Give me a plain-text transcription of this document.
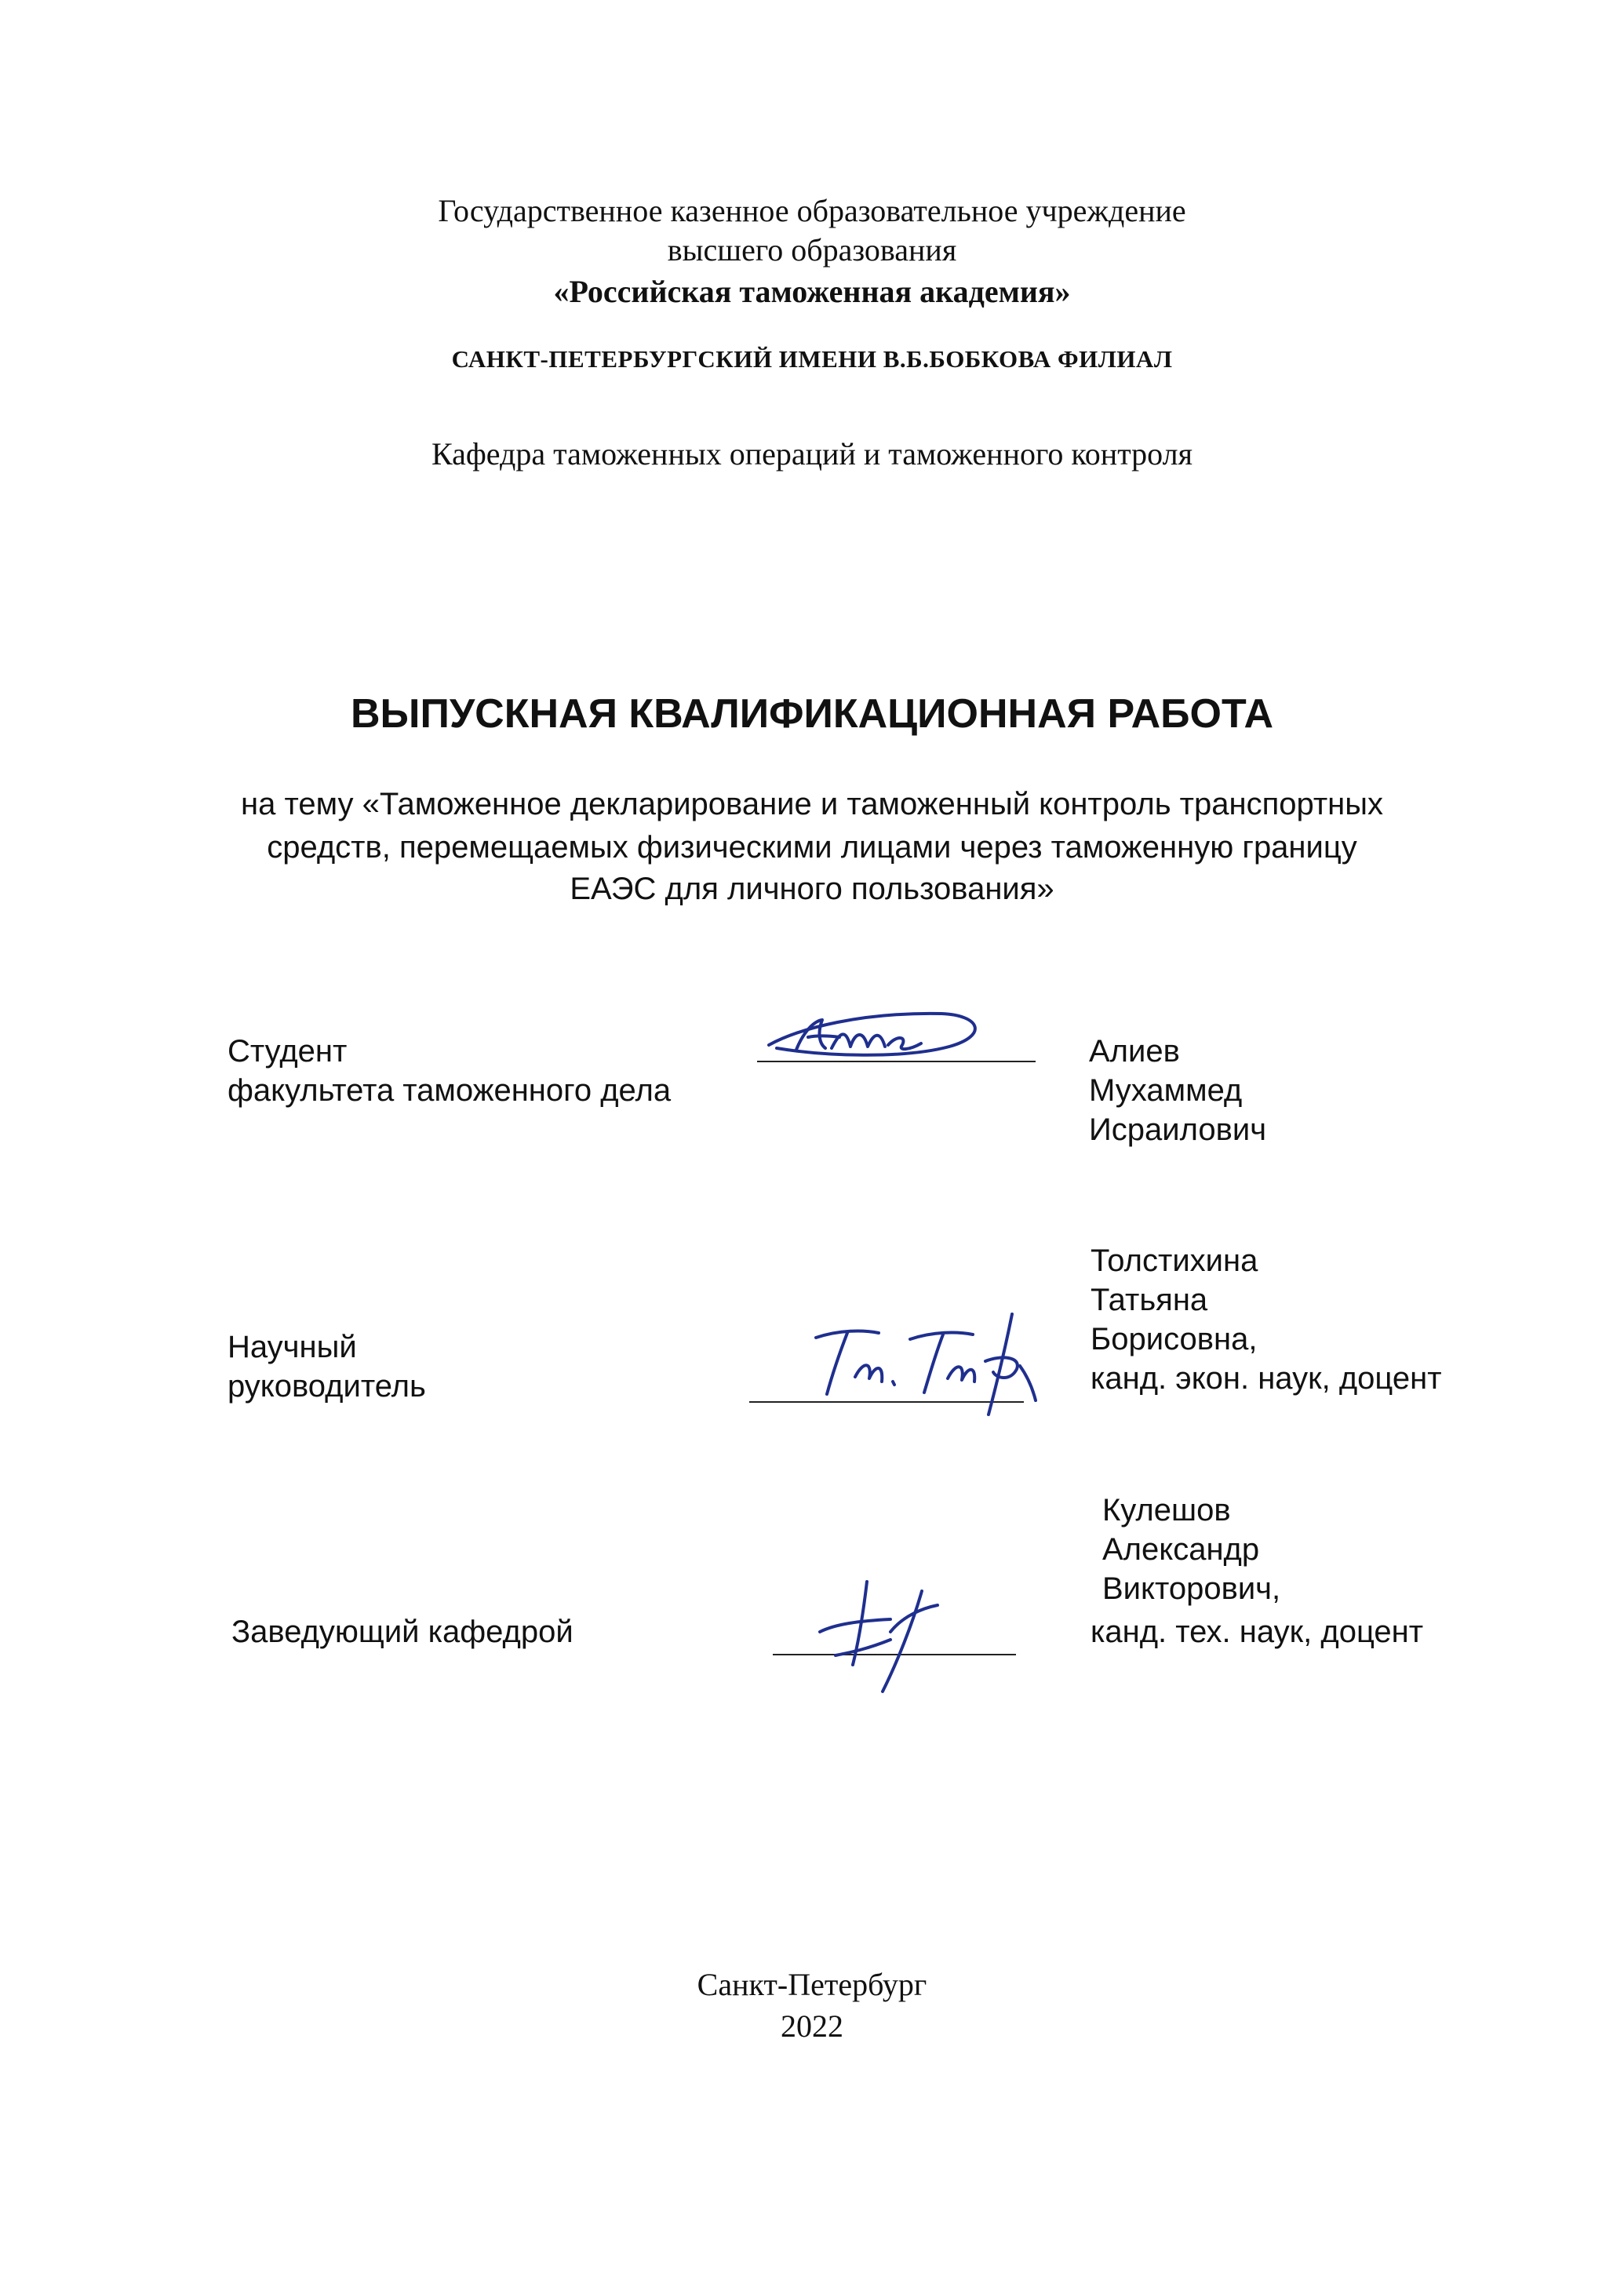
Государственное казенное образовательное учреждение
высшего образования
«Российская таможенная академия»
САНКТ-ПЕТЕРБУРГСКИЙ ИМЕНИ В.Б.БОБКОВА ФИЛИАЛ
Кафедра таможенных операций и таможенного контроля
ВЫПУСКНАЯ КВАЛИФИКАЦИОННАЯ РАБОТА
на тему «Таможенное декларирование и таможенный контроль транспортных
средств, перемещаемых физическими лицами через таможенную границу
ЕАЭС для личного пользования»
Студент
факультета таможенного дела
Алиев
Мухаммед
Исраилович
Научный
руководитель
Толстихина
Татьяна
Борисовна,
канд. экон. наук, доцент
Заведующий кафедрой
Кулешов
Александр
Викторович,
канд. тех. наук, доцент
Санкт-Петербург
2022
